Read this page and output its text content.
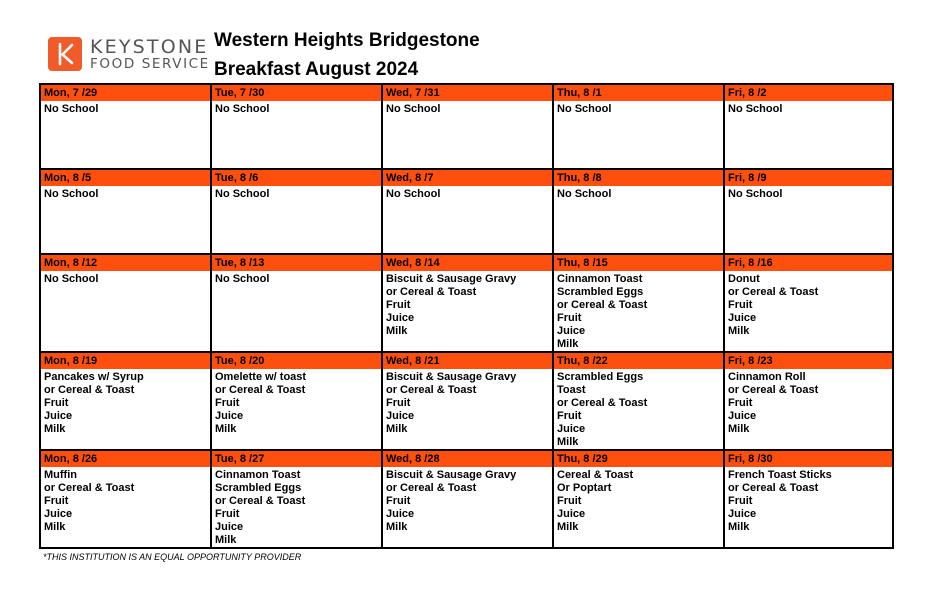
KEYSTONE
FOOD SERVICE
Western Heights Bridgestone
Breakfast August 2024
Mon, 7 /29
No School
Tue, 7 /30
No School
Wed, 7 /31
No School
Thu, 8 /1
No School
Fri, 8 /2
No School
Mon, 8 /5
No School
Tue, 8 /6
No School
Wed, 8 /7
No School
Thu, 8 /8
No School
Fri, 8 /9
No School
Mon, 8 /12
No School
Tue, 8 /13
No School
Wed, 8 /14
Biscuit & Sausage Gravy
or Cereal & Toast
Fruit
Juice
Milk
Thu, 8 /15
Cinnamon Toast
Scrambled Eggs
or Cereal & Toast
Fruit
Juice
Milk
Fri, 8 /16
Donut
or Cereal & Toast
Fruit
Juice
Milk
Mon, 8 /19
Pancakes w/ Syrup
or Cereal & Toast
Fruit
Juice
Milk
Tue, 8 /20
Omelette w/ toast
or Cereal & Toast
Fruit
Juice
Milk
Wed, 8 /21
Biscuit & Sausage Gravy
or Cereal & Toast
Fruit
Juice
Milk
Thu, 8 /22
Scrambled Eggs
Toast
or Cereal & Toast
Fruit
Juice
Milk
Fri, 8 /23
Cinnamon Roll
or Cereal & Toast
Fruit
Juice
Milk
Mon, 8 /26
Muffin
or Cereal & Toast
Fruit
Juice
Milk
Tue, 8 /27
Cinnamon Toast
Scrambled Eggs
or Cereal & Toast
Fruit
Juice
Milk
Wed, 8 /28
Biscuit & Sausage Gravy
or Cereal & Toast
Fruit
Juice
Milk
Thu, 8 /29
Cereal & Toast
Or Poptart
Fruit
Juice
Milk
Fri, 8 /30
French Toast Sticks
or Cereal & Toast
Fruit
Juice
Milk
*THIS INSTITUTION IS AN EQUAL OPPORTUNITY PROVIDER
